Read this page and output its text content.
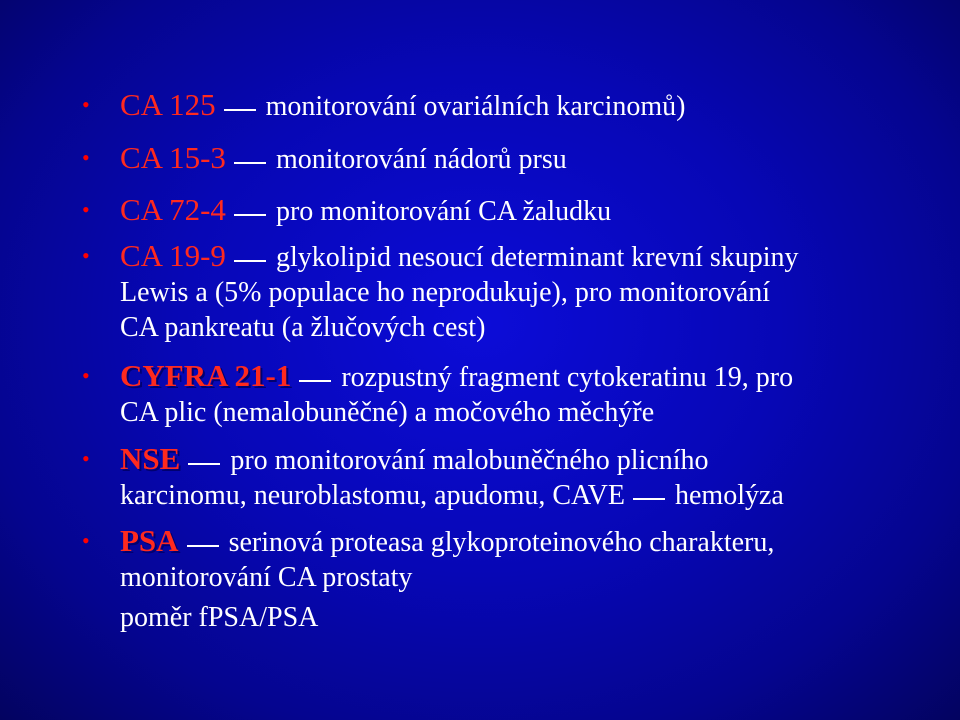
• CA 125 monitorování ovariálních karcinomů)
• CA 15-3 monitorování nádorů prsu
• CA 72-4 pro monitorování CA žaludku
• CA 19-9 glykolipid nesoucí determinant krevní skupiny
Lewis a (5% populace ho neprodukuje), pro monitorování
CA pankreatu (a žlučových cest)
• CYFRA 21-1 rozpustný fragment cytokeratinu 19, pro
CA plic (nemalobuněčné) a močového měchýře
• NSE pro monitorování malobuněčného plicního
karcinomu, neuroblastomu, apudomu, CAVE hemolýza
• PSA serinová proteasa glykoproteinového charakteru,
monitorování CA prostaty
poměr fPSA/PSA
